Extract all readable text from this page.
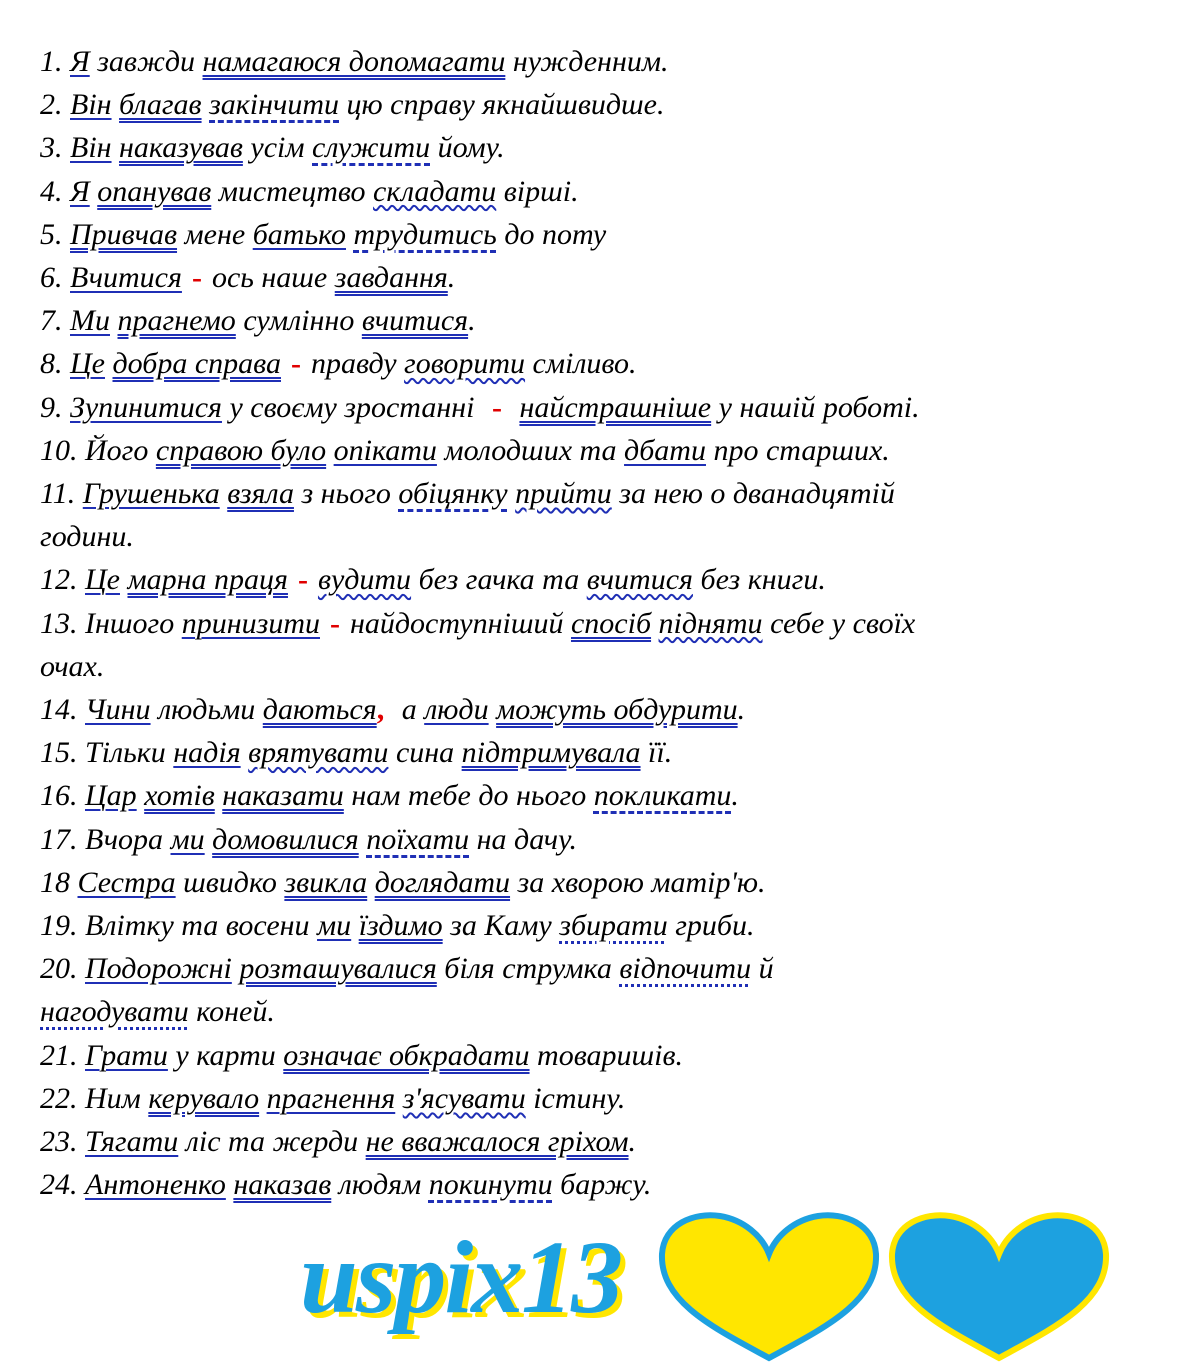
1. Я завжди намагаюся допомагати нужденним.
2. Він благав закінчити цю справу якнайшвидше.
3. Він наказував усім служити йому.
4. Я опанував мистецтво складати вірші.
5. Привчав мене батько трудитись до поту
6. Вчитися - ось наше завдання.
7. Ми прагнемо сумлінно вчитися.
8. Це добра справа - правду говорити сміливо.
9. Зупинитися у своєму зростанні - найстрашніше у нашій роботі.
10. Його справою було опікати молодших та дбати про старших.
11. Грушенька взяла з нього обіцянку прийти за нею о дванадцятій
години.
12. Це марна праця - вудити без гачка та вчитися без книги.
13. Іншого принизити - найдоступніший спосіб підняти себе у своїх
очах.
14. Чини людьми даються, а люди можуть обдурити.
15. Тільки надія врятувати сина підтримувала її.
16. Цар хотів наказати нам тебе до нього покликати.
17. Вчора ми домовилися поїхати на дачу.
18 Сестра швидко звикла доглядати за хворою матір'ю.
19. Влітку та восени ми їздимо за Каму збирати гриби.
20. Подорожні розташувалися біля струмка відпочити й
нагодувати коней.
21. Грати у карти означає обкрадати товаришів.
22. Ним керувало прагнення з'ясувати істину.
23. Тягати ліс та жерди не вважалося гріхом.
24. Антоненко наказав людям покинути баржу.
uspix13
